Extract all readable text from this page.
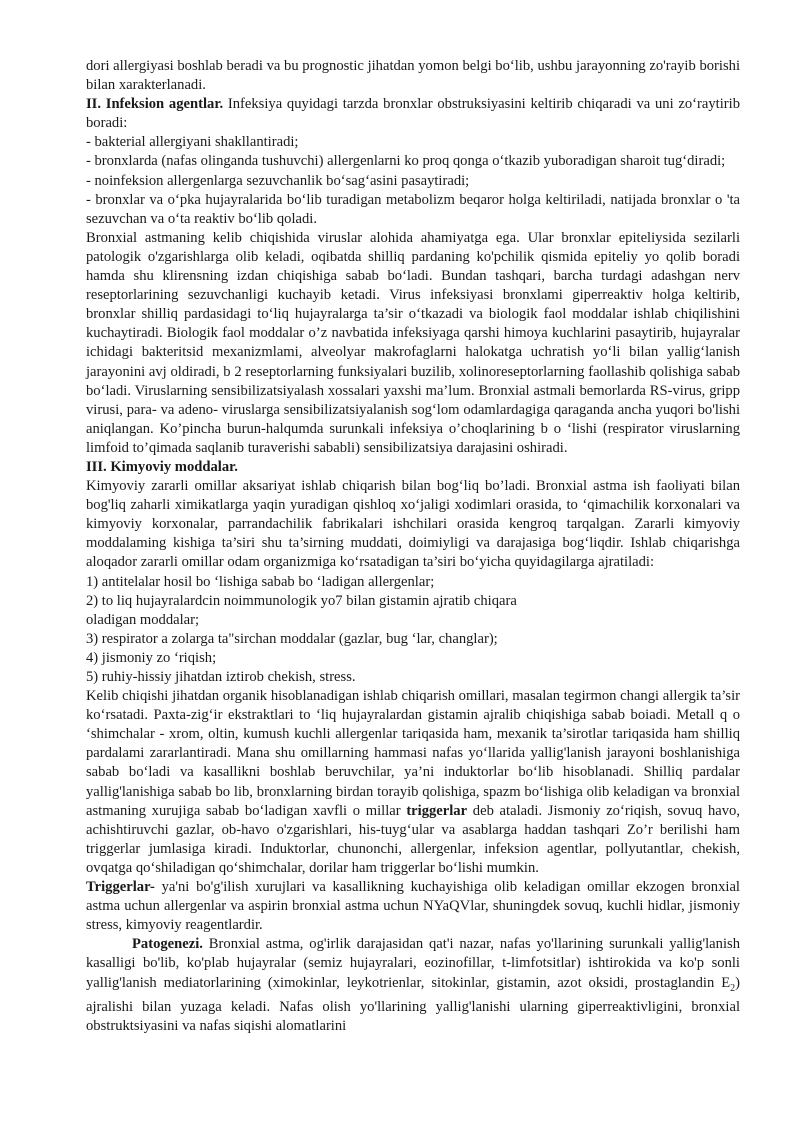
dori allergiyasi boshlab beradi va bu prognostic jihatdan yomon belgi bo‘lib, ushbu jarayonning zo'rayib borishi bilan xarakterlanadi.

II. Infeksion agentlar. Infeksiya quyidagi tarzda bronxlar obstruksiyasini keltirib chiqaradi va uni zo‘raytirib boradi:

- bakterial allergiyani shakllantiradi;

- bronxlarda (nafas olinganda tushuvchi) allergenlarni ko proq qonga o‘tkazib yuboradigan sharoit tug‘diradi;

- noinfeksion allergenlarga sezuvchanlik bo‘sag‘asini pasaytiradi;

- bronxlar va o‘pka hujayralarida bo‘lib turadigan metabolizm beqaror holga keltiriladi, natijada bronxlar o 'ta sezuvchan va o‘ta reaktiv bo‘lib qoladi.

Bronxial astmaning kelib chiqishida viruslar alohida ahamiyatga ega. Ular bronxlar epiteliysida sezilarli patologik o'zgarishlarga olib keladi, oqibatda shilliq pardaning ko'pchilik qismida epiteliy yo qolib boradi hamda shu klirensning izdan chiqishiga sabab bo‘ladi. Bundan tashqari, barcha turdagi adashgan nerv reseptorlarining sezuvchanligi kuchayib ketadi. Virus infeksiyasi bronxlami giperreaktiv holga keltirib, bronxlar shilliq pardasidagi to‘liq hujayralarga ta’sir o‘tkazadi va biologik faol moddalar ishlab chiqilishini kuchaytiradi. Biologik faol moddalar o’z navbatida infeksiyaga qarshi himoya kuchlarini pasaytirib, hujayralar ichidagi bakteritsid mexanizmlami, alveolyar makrofaglarni halokatga uchratish yo‘li bilan yallig‘lanish jarayonini avj oldiradi, b 2 reseptorlarning funksiyalari buzilib, xolinoreseptorlarning faollashib qolishiga sabab bo‘ladi. Viruslarning sensibilizatsiyalash xossalari yaxshi ma’lum. Bronxial astmali bemorlarda RS-virus, gripp virusi, para- va adeno- viruslarga sensibilizatsiyalanish sog‘lom odamlardagiga qaraganda ancha yuqori bo'lishi aniqlangan. Ko’pincha burun-halqumda surunkali infeksiya o’choqlarining b o ‘lishi (respirator viruslarning limfoid to’qimada saqlanib turaverishi sababli) sensibilizatsiya darajasini oshiradi.

III. Kimyoviy moddalar.

Kimyoviy zararli omillar aksariyat ishlab chiqarish bilan bog‘liq bo’ladi. Bronxial astma ish faoliyati bilan bog'liq zaharli ximikatlarga yaqin yuradigan qishloq xo‘jaligi xodimlari orasida, to ‘qimachilik korxonalari va kimyoviy korxonalar, parrandachilik fabrikalari ishchilari orasida kengroq tarqalgan. Zararli kimyoviy moddalaming kishiga ta’siri shu ta’sirning muddati, doimiyligi va darajasiga bog‘liqdir. Ishlab chiqarishga aloqador zararli omillar odam organizmiga ko‘rsatadigan ta’siri bo‘yicha quyidagilarga ajratiladi:

1) antitelalar hosil bo ‘lishiga sabab bo ‘ladigan allergenlar;

2) to liq hujayralardcin noimmunologik yo7 bilan gistamin ajratib chiqara

oladigan moddalar;

3) respirator a zolarga ta"sirchan moddalar (gazlar, bug ‘lar, changlar);

4) jismoniy zo ‘riqish;

5) ruhiy-hissiy jihatdan iztirob chekish, stress.

Kelib chiqishi jihatdan organik hisoblanadigan ishlab chiqarish omillari, masalan tegirmon changi allergik ta’sir ko‘rsatadi. Paxta-zig‘ir ekstraktlari to ‘liq hujayralardan gistamin ajralib chiqishiga sabab boiadi. Metall q o ‘shimchalar - xrom, oltin, kumush kuchli allergenlar tariqasida ham, mexanik ta’sirotlar tariqasida ham shilliq pardalami zararlantiradi. Mana shu omillarning hammasi nafas yo‘llarida yallig'lanish jarayoni boshlanishiga sabab bo‘ladi va kasallikni boshlab beruvchilar, ya’ni induktorlar bo‘lib hisoblanadi. Shilliq pardalar yallig'lanishiga sabab bo lib, bronxlarning birdan torayib qolishiga, spazm bo‘lishiga olib keladigan va bronxial astmaning xurujiga sabab bo‘ladigan xavfli o millar triggerlar deb ataladi. Jismoniy zo‘riqish, sovuq havo, achishtiruvchi gazlar, ob-havo o'zgarishlari, his-tuyg‘ular va asablarga haddan tashqari Zo’r berilishi ham triggerlar jumlasiga kiradi. Induktorlar, chunonchi, allergenlar, infeksion agentlar, pollyutantlar, chekish, ovqatga qo‘shiladigan qo‘shimchalar, dorilar ham triggerlar bo‘lishi mumkin.

Triggerlar- ya'ni bo'g'ilish xurujlari va kasallikning kuchayishiga olib keladigan omillar ekzogen bronxial astma uchun allergenlar va aspirin bronxial astma uchun NYaQVlar, shuningdek sovuq, kuchli hidlar, jismoniy stress, kimyoviy reagentlardir.

Patogenezi. Bronxial astma, og'irlik darajasidan qat'i nazar, nafas yo'llarining surunkali yallig'lanish kasalligi bo'lib, ko'plab hujayralar (semiz hujayralari, eozinofillar, t-limfotsitlar) ishtirokida va ko'p sonli yallig'lanish mediatorlarining (ximokinlar, leykotrienlar, sitokinlar, gistamin, azot oksidi, prostaglandin $E_2$) ajralishi bilan yuzaga keladi. Nafas olish yo'llarining yallig'lanishi ularning giperreaktivligini, bronxial obstruktsiyasini va nafas siqishi alomatlarini
